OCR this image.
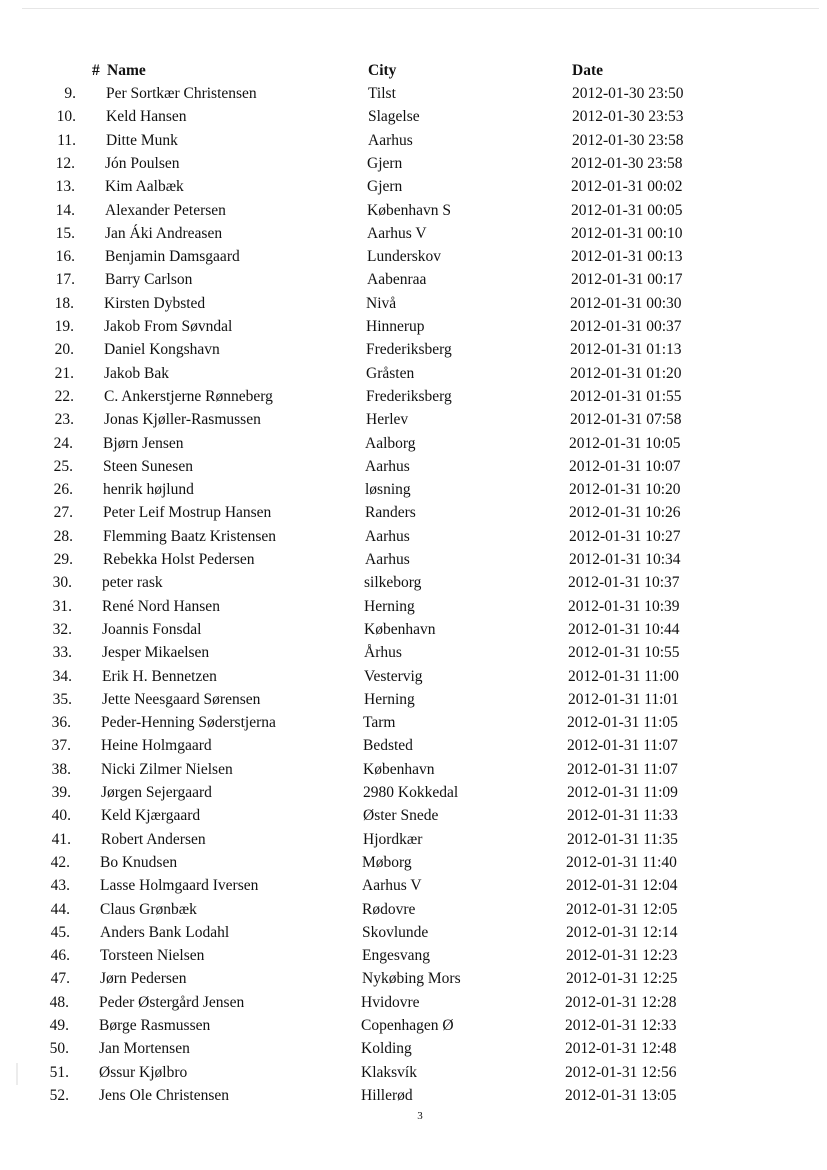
# Name	City	Date
9. Per Sortkær Christensen	Tilst	2012-01-30 23:50
10. Keld Hansen	Slagelse	2012-01-30 23:53
11. Ditte Munk	Aarhus	2012-01-30 23:58
12. Jón Poulsen	Gjern	2012-01-30 23:58
13. Kim Aalbæk	Gjern	2012-01-31 00:02
14. Alexander Petersen	København S	2012-01-31 00:05
15. Jan Áki Andreasen	Aarhus V	2012-01-31 00:10
16. Benjamin Damsgaard	Lunderskov	2012-01-31 00:13
17. Barry Carlson	Aabenraa	2012-01-31 00:17
18. Kirsten Dybsted	Nivå	2012-01-31 00:30
19. Jakob From Søvndal	Hinnerup	2012-01-31 00:37
20. Daniel Kongshavn	Frederiksberg	2012-01-31 01:13
21. Jakob Bak	Gråsten	2012-01-31 01:20
22. C. Ankerstjerne Rønneberg	Frederiksberg	2012-01-31 01:55
23. Jonas Kjøller-Rasmussen	Herlev	2012-01-31 07:58
24. Bjørn Jensen	Aalborg	2012-01-31 10:05
25. Steen Sunesen	Aarhus	2012-01-31 10:07
26. henrik højlund	løsning	2012-01-31 10:20
27. Peter Leif Mostrup Hansen	Randers	2012-01-31 10:26
28. Flemming Baatz Kristensen	Aarhus	2012-01-31 10:27
29. Rebekka Holst Pedersen	Aarhus	2012-01-31 10:34
30. peter rask	silkeborg	2012-01-31 10:37
31. René Nord Hansen	Herning	2012-01-31 10:39
32. Joannis Fonsdal	København	2012-01-31 10:44
33. Jesper Mikaelsen	Århus	2012-01-31 10:55
34. Erik H. Bennetzen	Vestervig	2012-01-31 11:00
35. Jette Neesgaard Sørensen	Herning	2012-01-31 11:01
36. Peder-Henning Søderstjerna	Tarm	2012-01-31 11:05
37. Heine Holmgaard	Bedsted	2012-01-31 11:07
38. Nicki Zilmer Nielsen	København	2012-01-31 11:07
39. Jørgen Sejergaard	2980 Kokkedal	2012-01-31 11:09
40. Keld Kjærgaard	Øster Snede	2012-01-31 11:33
41. Robert Andersen	Hjordkær	2012-01-31 11:35
42. Bo Knudsen	Møborg	2012-01-31 11:40
43. Lasse Holmgaard Iversen	Aarhus V	2012-01-31 12:04
44. Claus Grønbæk	Rødovre	2012-01-31 12:05
45. Anders Bank Lodahl	Skovlunde	2012-01-31 12:14
46. Torsteen Nielsen	Engesvang	2012-01-31 12:23
47. Jørn Pedersen	Nykøbing Mors	2012-01-31 12:25
48. Peder Østergård Jensen	Hvidovre	2012-01-31 12:28
49. Børge Rasmussen	Copenhagen Ø	2012-01-31 12:33
50. Jan Mortensen	Kolding	2012-01-31 12:48
51. Øssur Kjølbro	Klaksvík	2012-01-31 12:56
52. Jens Ole Christensen	Hillerød	2012-01-31 13:05
3
